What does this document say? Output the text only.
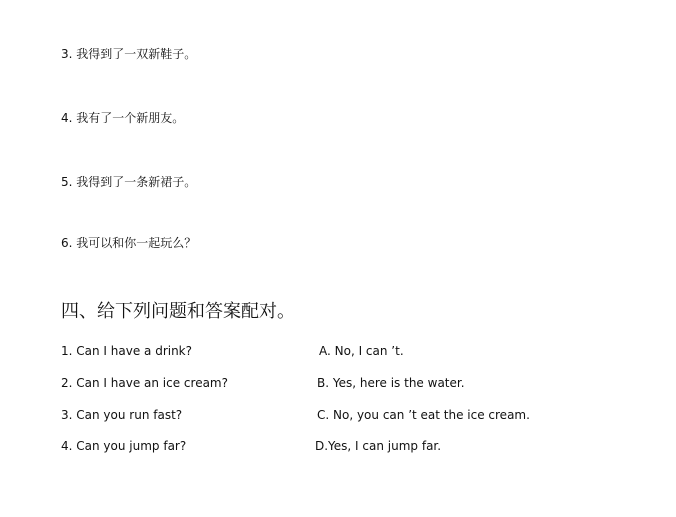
3. 我得到了一双新鞋子。
4. 我有了一个新朋友。
5. 我得到了一条新裙子。
6. 我可以和你一起玩么？
四、给下列问题和答案配对。
1. Can I have a drink?	A. No, I can ’t.
2. Can I have an ice cream?	B. Yes, here is the water.
3. Can you run fast?	C. No, you can ’t eat the ice cream.
4. Can you jump far?	D.Yes, I can jump far.
